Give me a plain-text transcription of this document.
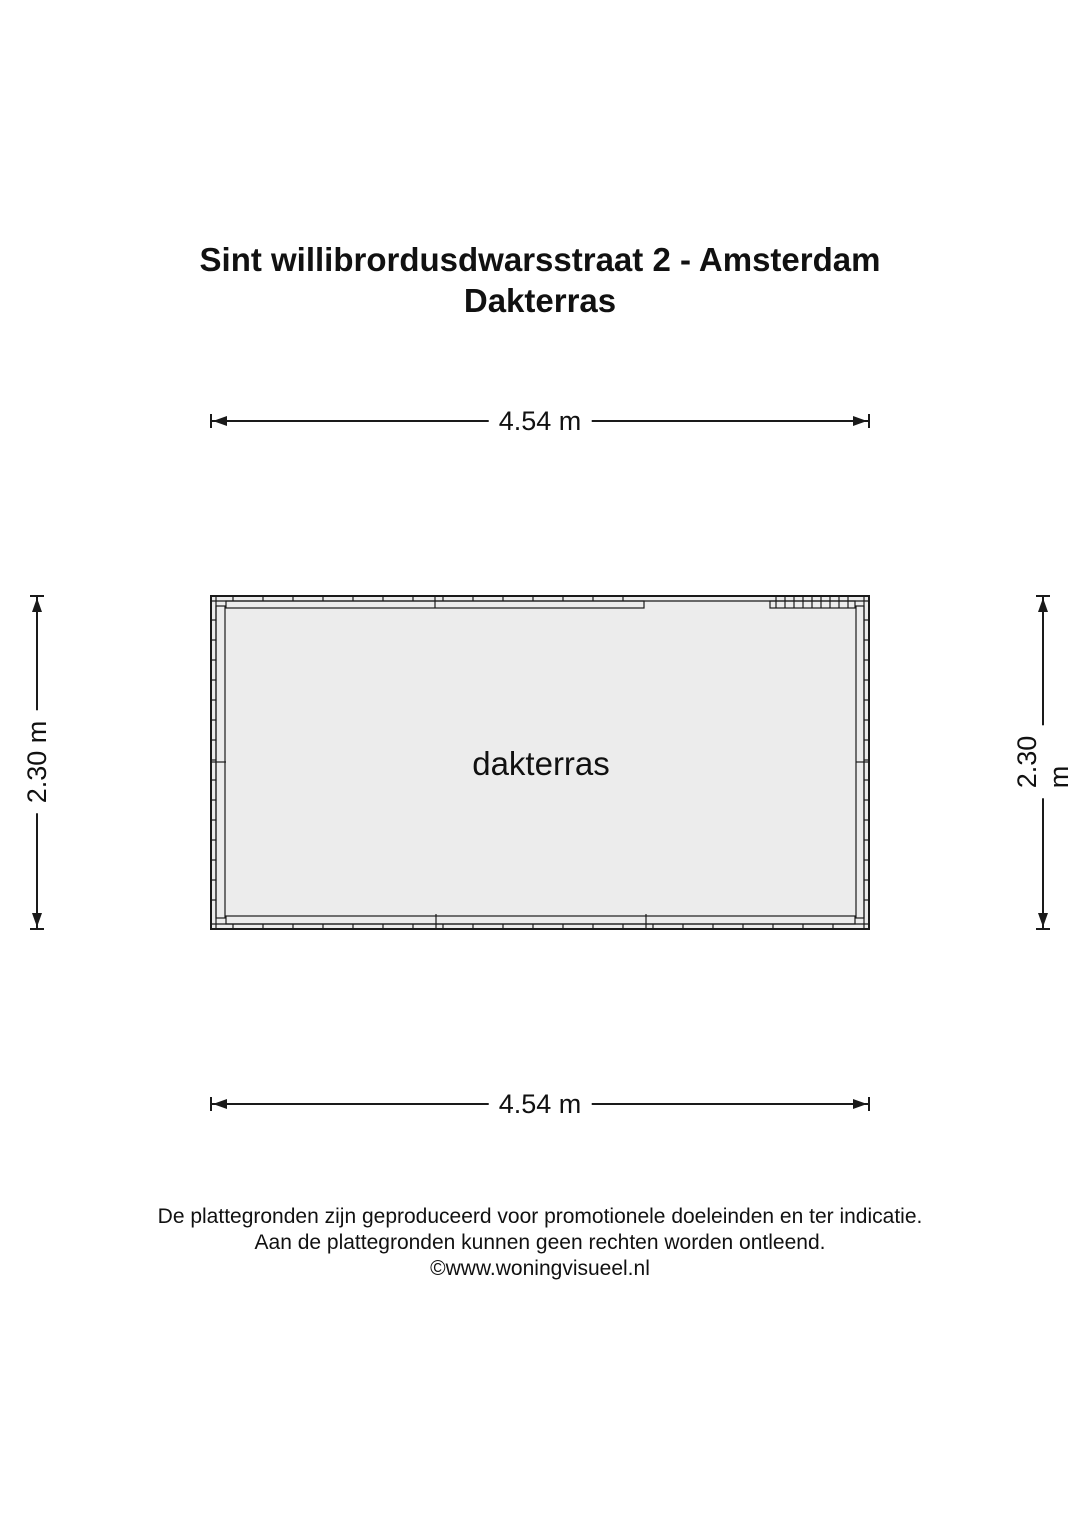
Sint willibrordusdwarsstraat 2 - Amsterdam
Dakterras
4.54 m
4.54 m
2.30 m	2.30 m
dakterras
De plattegronden zijn geproduceerd voor promotionele doeleinden en ter indicatie.
Aan de plattegronden kunnen geen rechten worden ontleend.
©www.woningvisueel.nl
